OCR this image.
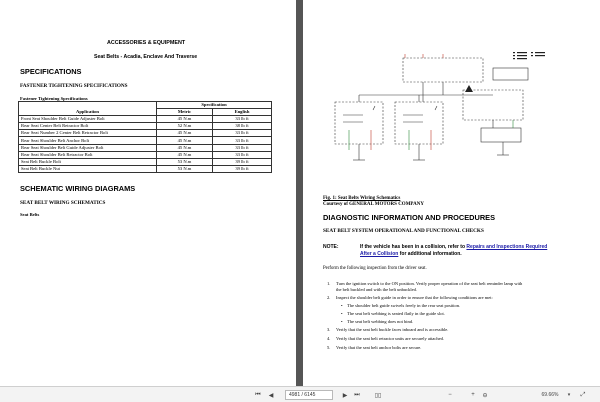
ACCESSORIES & EQUIPMENT
Seat Belts - Acadia, Enclave And Traverse
SPECIFICATIONS
FASTENER TIGHTENING SPECIFICATIONS
Fastener Tightening Specifications
Application	Specification	
	Metric	English
Front Seat Shoulder Belt Guide Adjuster Bolt	45 N.m	33 lb ft
Rear Seat Center Belt Retractor Bolt	52 N.m	38 lb ft
Rear Seat Number 2 Center Belt Retractor Bolt	45 N.m	33 lb ft
Rear Seat Shoulder Belt Anchor Bolt	45 N.m	33 lb ft
Rear Seat Shoulder Belt Guide Adjuster Bolt	45 N.m	33 lb ft
Rear Seat Shoulder Belt Retractor Bolt	45 N.m	33 lb ft
Seat Belt Buckle Bolt	53 N.m	39 lb ft
Seat Belt Buckle Nut	53 N.m	39 lb ft
SCHEMATIC WIRING DIAGRAMS
SEAT BELT WIRING SCHEMATICS
Seat Belts
Fig. 1: Seat Belts Wiring Schematics
Courtesy of GENERAL MOTORS COMPANY
DIAGNOSTIC INFORMATION AND PROCEDURES
SEAT BELT SYSTEM OPERATIONAL AND FUNCTIONAL CHECKS
NOTE:	If the vehicle has been in a collision, refer to Repairs and Inspections Required
After a Collision for additional information.
Perform the following inspection from the driver seat.
1. Turn the ignition switch to the ON position. Verify proper operation of the seat belt reminder lamp with
the belt buckled and with the belt unbuckled.
2. Inspect the shoulder belt guide in order to ensure that the following conditions are met:
• The shoulder belt guide swivels freely in the rear seat position.
• The seat belt webbing is seated flatly in the guide slot.
• The seat belt webbing does not bind.
3. Verify that the seat belt buckle faces inboard and is accessible.
4. Verify that the seat belt retractor units are securely attached.
5. Verify that the seat belt anchor bolts are secure.
⏮	◀	4981 / 6145	▶	⏭	▯▯	−	+	⊖	69.66%	▾	⤢
